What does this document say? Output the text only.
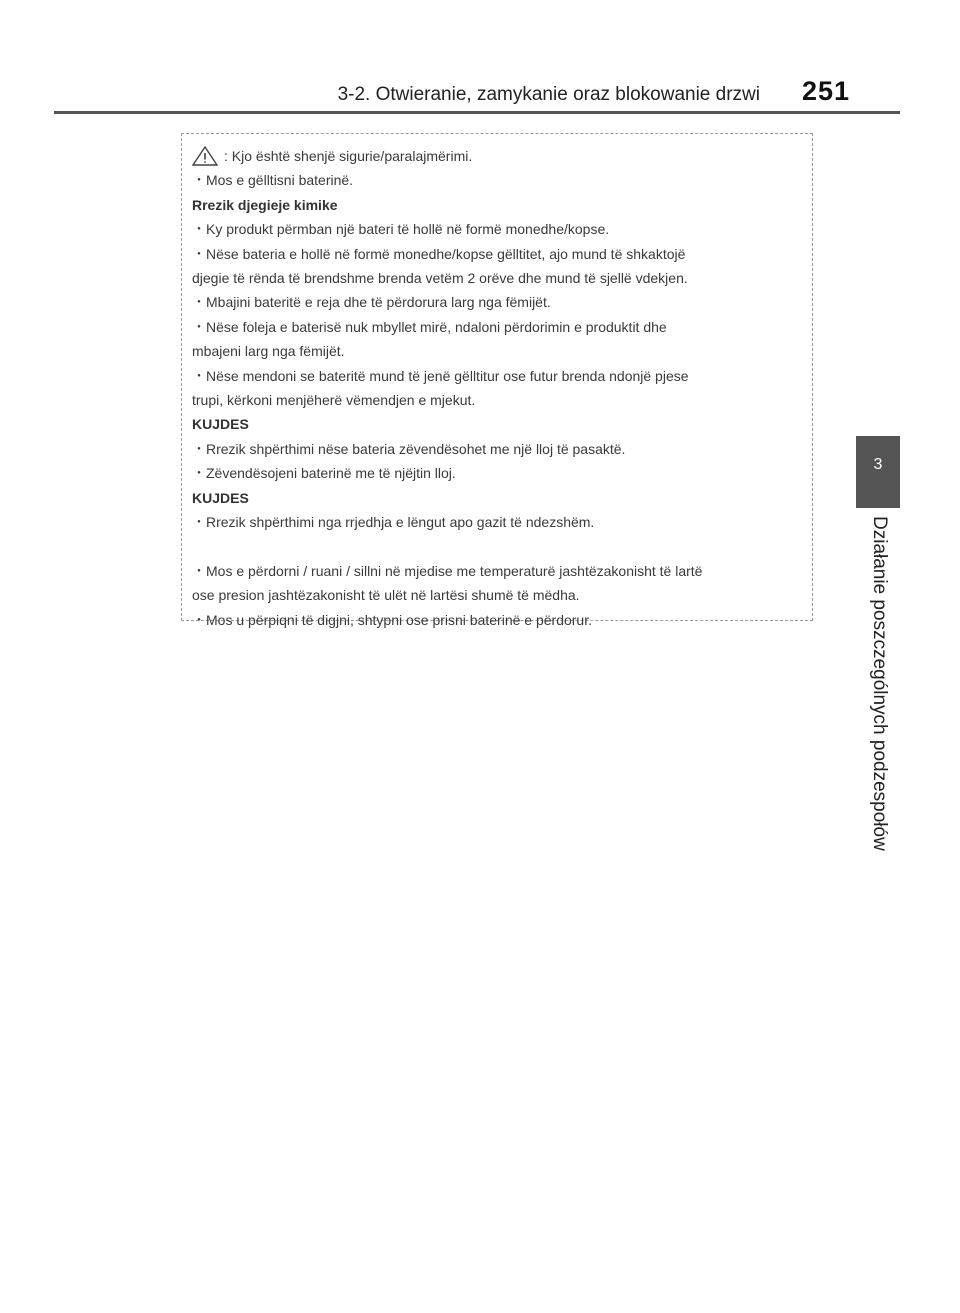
3-2. Otwieranie, zamykanie oraz blokowanie drzwi 251
3
Działanie poszczególnych podzespołów
: Kjo është shenjë sigurie/paralajmërimi.
・Mos e gëlltisni baterinë.
Rrezik djegieje kimike
・Ky produkt përmban një bateri të hollë në formë monedhe/kopse.
・Nëse bateria e hollë në formë monedhe/kopse gëlltitet, ajo mund të shkaktojë
djegie të rënda të brendshme brenda vetëm 2 orëve dhe mund të sjellë vdekjen.
・Mbajini bateritë e reja dhe të përdorura larg nga fëmijët.
・Nëse foleja e baterisë nuk mbyllet mirë, ndaloni përdorimin e produktit dhe
mbajeni larg nga fëmijët.
・Nëse mendoni se bateritë mund të jenë gëlltitur ose futur brenda ndonjë pjese
trupi, kërkoni menjëherë vëmendjen e mjekut.
KUJDES
・Rrezik shpërthimi nëse bateria zëvendësohet me një lloj të pasaktë.
・Zëvendësojeni baterinë me të njëjtin lloj.
KUJDES
・Rrezik shpërthimi nga rrjedhja e lëngut apo gazit të ndezshëm.
・Mos e përdorni / ruani / sillni në mjedise me temperaturë jashtëzakonisht të lartë
ose presion jashtëzakonisht të ulët në lartësi shumë të mëdha.
・Mos u përpiqni të digjni, shtypni ose prisni baterinë e përdorur.
